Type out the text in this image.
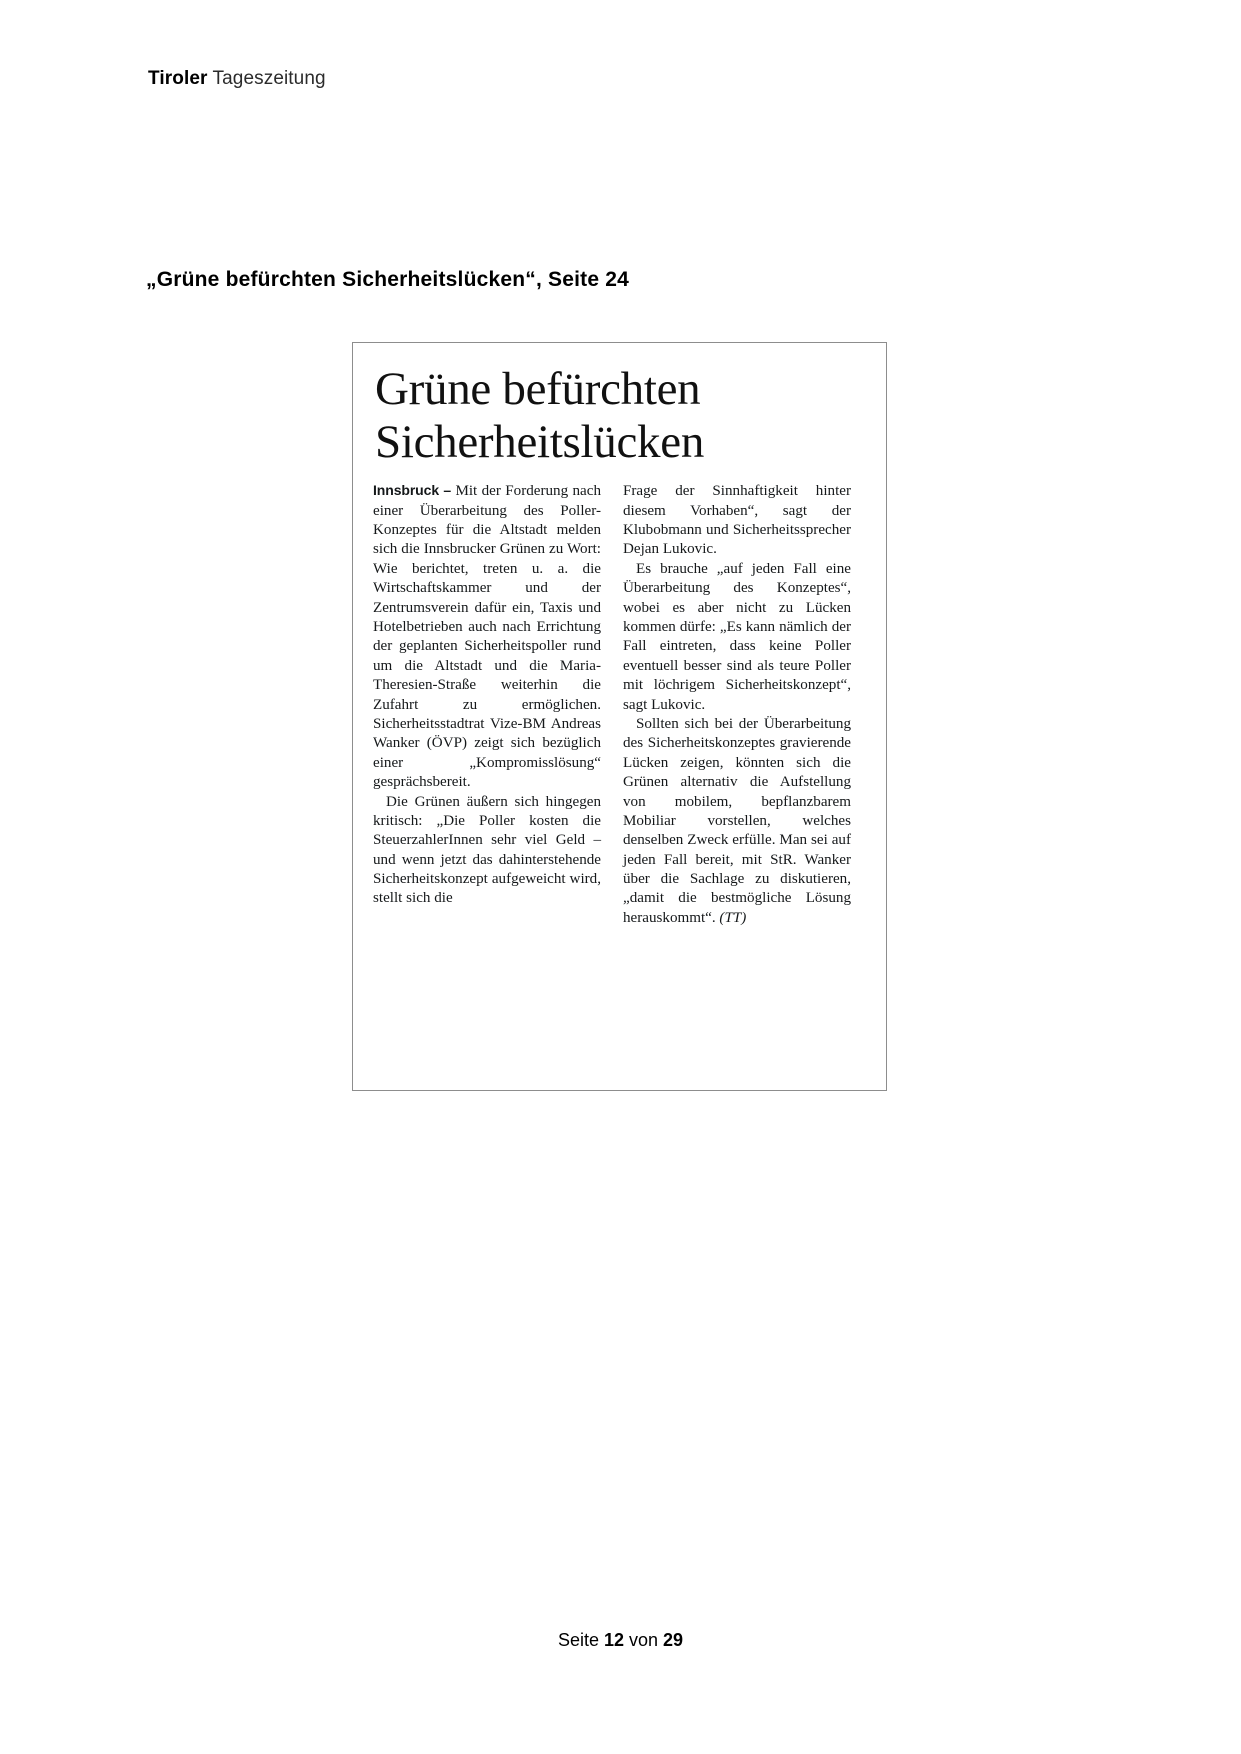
Tiroler Tageszeitung
„Grüne befürchten Sicherheitslücken“, Seite 24
Grüne befürchten
Sicherheitslücken

Innsbruck – Mit der Forderung nach einer Überarbeitung des Poller-Konzeptes für die Altstadt melden sich die Innsbrucker Grünen zu Wort: Wie berichtet, treten u. a. die Wirtschaftskammer und der Zentrumsverein dafür ein, Taxis und Hotelbetrieben auch nach Errichtung der geplanten Sicherheitspoller rund um die Altstadt und die Maria-Theresien-Straße weiterhin die Zufahrt zu ermöglichen. Sicherheitsstadtrat Vize-BM Andreas Wanker (ÖVP) zeigt sich bezüglich einer „Kompromisslösung“ gesprächsbereit.

Die Grünen äußern sich hingegen kritisch: „Die Poller kosten die SteuerzahlerInnen sehr viel Geld – und wenn jetzt das dahinterstehende Sicherheitskonzept aufgeweicht wird, stellt sich die

Frage der Sinnhaftigkeit hinter diesem Vorhaben“, sagt der Klubobmann und Sicherheitssprecher Dejan Lukovic.

Es brauche „auf jeden Fall eine Überarbeitung des Konzeptes“, wobei es aber nicht zu Lücken kommen dürfe: „Es kann nämlich der Fall eintreten, dass keine Poller eventuell besser sind als teure Poller mit löchrigem Sicherheitskonzept“, sagt Lukovic.

Sollten sich bei der Überarbeitung des Sicherheitskonzeptes gravierende Lücken zeigen, könnten sich die Grünen alternativ die Aufstellung von mobilem, bepflanzbarem Mobiliar vorstellen, welches denselben Zweck erfülle. Man sei auf jeden Fall bereit, mit StR. Wanker über die Sachlage zu diskutieren, „damit die bestmögliche Lösung herauskommt“. (TT)

Seite 12 von 29
